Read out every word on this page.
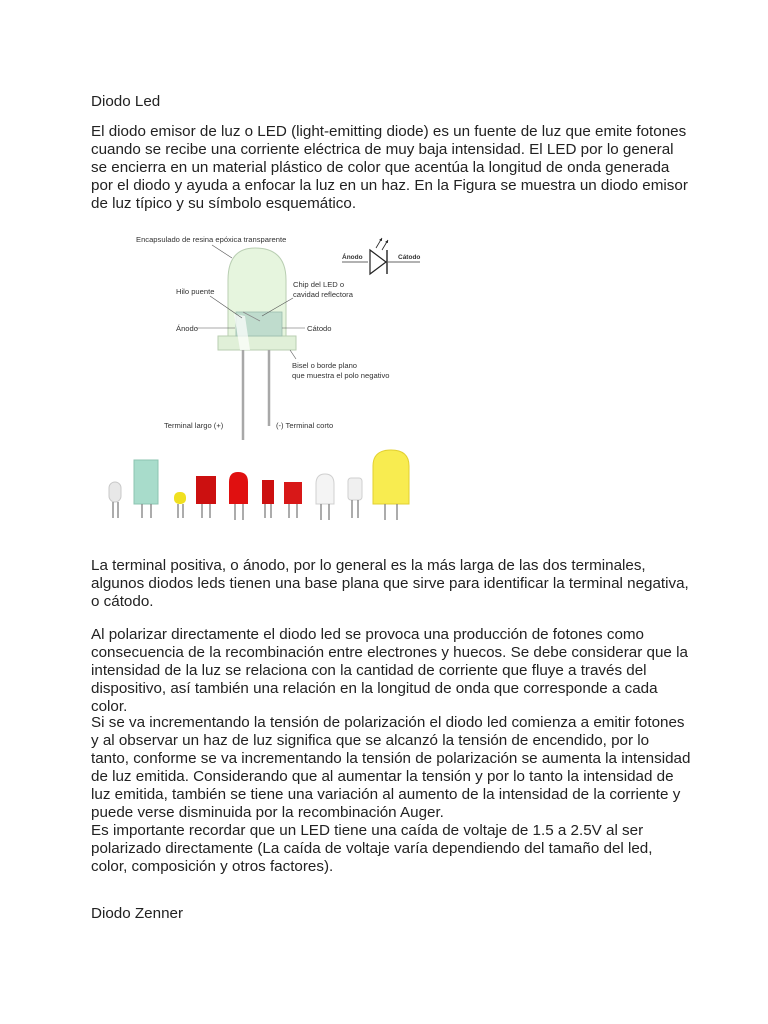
Diodo Led

El diodo emisor de luz o LED (light-emitting diode) es un fuente de luz que emite fotones cuando se recibe una corriente eléctrica de muy baja intensidad. El LED por lo general se encierra en un material plástico de color que acentúa la longitud de onda generada por el diodo y ayuda a enfocar la luz en un haz. En la Figura se muestra un diodo emisor de luz típico y su símbolo esquemático.

Encapsulado de resina epóxica transparente
Hilo puente
Chip del LED o
cavidad reflectora
Ánodo	Cátodo
Bisel o borde plano
que muestra el polo negativo
Terminal largo (+)	(-) Terminal corto
Ánodo	Cátodo

La terminal positiva, o ánodo, por lo general es la más larga de las dos terminales, algunos diodos leds tienen una base plana que sirve para identificar la terminal negativa, o cátodo.

Al polarizar directamente el diodo led se provoca una producción de fotones como consecuencia de la recombinación entre electrones y huecos. Se debe considerar que la intensidad de la luz se relaciona con la cantidad de corriente que fluye a través del dispositivo, así también una relación en la longitud de onda que corresponde a cada color.

Si se va incrementando la tensión de polarización el diodo led comienza a emitir fotones y al observar un haz de luz significa que se alcanzó la tensión de encendido, por lo tanto, conforme se va incrementando la tensión de polarización se aumenta la intensidad de luz emitida. Considerando que al aumentar la tensión y por lo tanto la intensidad de luz emitida, también se tiene una variación al aumento de la intensidad de la corriente y puede verse disminuida por la recombinación Auger.

Es importante recordar que un LED tiene una caída de voltaje de 1.5 a 2.5V al ser polarizado directamente (La caída de voltaje varía dependiendo del tamaño del led, color, composición y otros factores).

Diodo Zenner
